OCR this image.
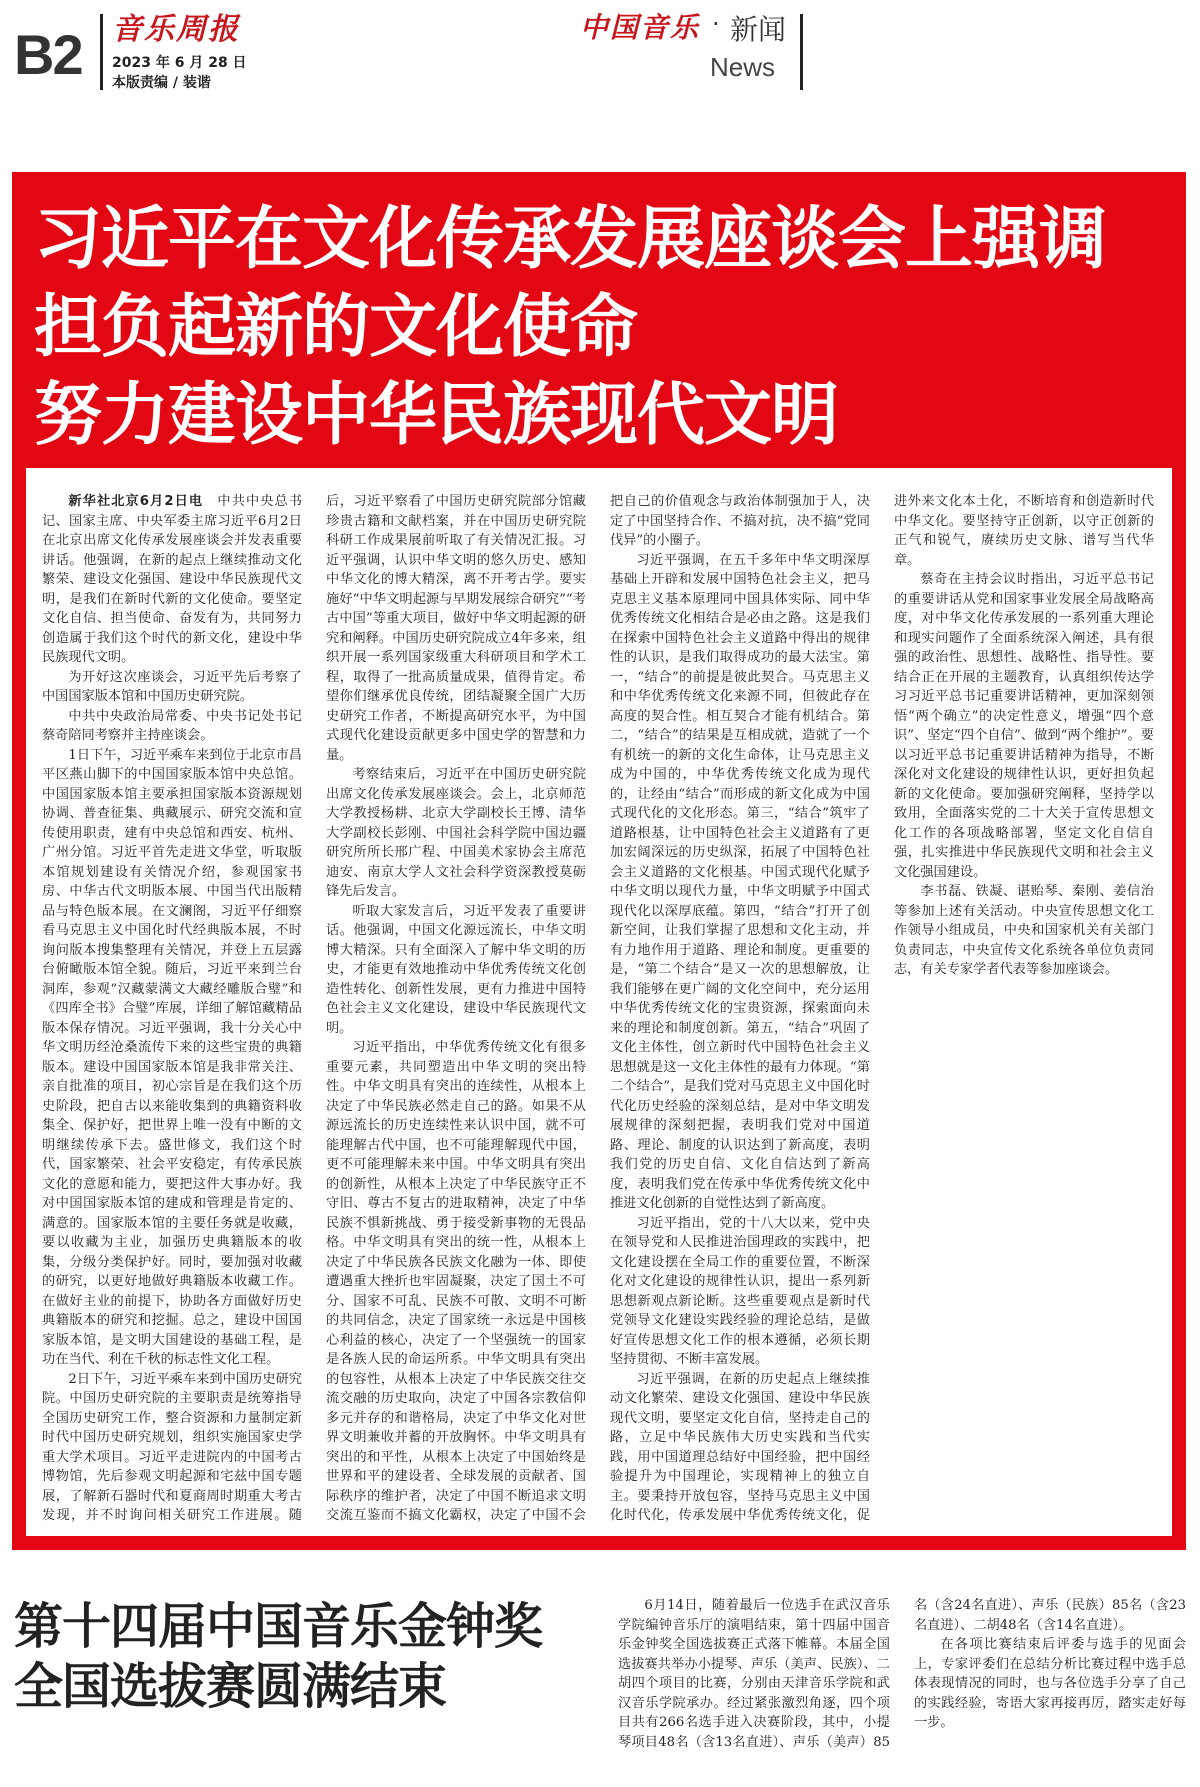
B2 音乐周报
2023 年 6 月 28 日
本版责编 / 装谐
中国音乐 · 新闻
News
习近平在文化传承发展座谈会上强调
担负起新的文化使命
努力建设中华民族现代文明

新华社北京6月2日电　 中共中央总书记、国家主席、中央军委主席习近平6月2日在北京出席文化传承发展座谈会并发表重要讲话。他强调，在新的起点上继续推动文化繁荣、建设文化强国、建设中华民族现代文明，是我们在新时代新的文化使命。要坚定文化自信、担当使命、奋发有为，共同努力创造属于我们这个时代的新文化，建设中华民族现代文明。

为开好这次座谈会，习近平先后考察了中国国家版本馆和中国历史研究院。

中共中央政治局常委、中央书记处书记蔡奇陪同考察并主持座谈会。

1日下午，习近平乘车来到位于北京市昌平区燕山脚下的中国国家版本馆中央总馆。中国国家版本馆主要承担国家版本资源规划协调、普查征集、典藏展示、研究交流和宣传使用职责，建有中央总馆和西安、杭州、广州分馆。习近平首先走进文华堂，听取版本馆规划建设有关情况介绍，参观国家书房、中华古代文明版本展、中国当代出版精品与特色版本展。在文澜阁，习近平仔细察看马克思主义中国化时代经典版本展，不时询问版本搜集整理有关情况，并登上五层露台俯瞰版本馆全貌。随后，习近平来到兰台洞库，参观“汉藏蒙满文大藏经雕版合璧”和《四库全书》合璧”库展，详细了解馆藏精品版本保存情况。习近平强调，我十分关心中华文明历经沧桑流传下来的这些宝贵的典籍版本。建设中国国家版本馆是我非常关注、亲自批准的项目，初心宗旨是在我们这个历史阶段，把自古以来能收集到的典籍资料收集全、保护好，把世界上唯一没有中断的文明继续传承下去。盛世修文，我们这个时代，国家繁荣、社会平安稳定，有传承民族文化的意愿和能力，要把这件大事办好。我对中国国家版本馆的建成和管理是肯定的、满意的。国家版本馆的主要任务就是收藏，要以收藏为主业，加强历史典籍版本的收集，分级分类保护好。同时，要加强对收藏的研究，以更好地做好典籍版本收藏工作。在做好主业的前提下，协助各方面做好历史典籍版本的研究和挖掘。总之，建设中国国家版本馆，是文明大国建设的基础工程，是功在当代、利在千秋的标志性文化工程。

2日下午，习近平乘车来到中国历史研究院。中国历史研究院的主要职责是统筹指导全国历史研究工作，整合资源和力量制定新时代中国历史研究规划，组织实施国家史学重大学术项目。习近平走进院内的中国考古博物馆，先后参观文明起源和宅兹中国专题展，了解新石器时代和夏商周时期重大考古发现，并不时询问相关研究工作进展。随后，习近平察看了中国历史研究院部分馆藏珍贵古籍和文献档案，并在中国历史研究院科研工作成果展前听取了有关情况汇报。习近平强调，认识中华文明的悠久历史、感知中华文化的博大精深，离不开考古学。要实施好“中华文明起源与早期发展综合研究”“考古中国”等重大项目，做好中华文明起源的研究和阐释。中国历史研究院成立4年多来，组织开展一系列国家级重大科研项目和学术工程，取得了一批高质量成果，值得肯定。希望你们继承优良传统，团结凝聚全国广大历史研究工作者，不断提高研究水平，为中国式现代化建设贡献更多中国史学的智慧和力量。

考察结束后，习近平在中国历史研究院出席文化传承发展座谈会。会上，北京师范大学教授杨耕、北京大学副校长王博、清华大学副校长彭刚、中国社会科学院中国边疆研究所所长邢广程、中国美术家协会主席范迪安、南京大学人文社会科学资深教授莫砺锋先后发言。

听取大家发言后，习近平发表了重要讲话。他强调，中国文化源远流长，中华文明博大精深。只有全面深入了解中华文明的历史，才能更有效地推动中华优秀传统文化创造性转化、创新性发展，更有力推进中国特色社会主义文化建设，建设中华民族现代文明。

习近平指出，中华优秀传统文化有很多重要元素，共同塑造出中华文明的突出特性。中华文明具有突出的连续性，从根本上决定了中华民族必然走自己的路。如果不从源远流长的历史连续性来认识中国，就不可能理解古代中国，也不可能理解现代中国，更不可能理解未来中国。中华文明具有突出的创新性，从根本上决定了中华民族守正不守旧、尊古不复古的进取精神，决定了中华民族不惧新挑战、勇于接受新事物的无畏品格。中华文明具有突出的统一性，从根本上决定了中华民族各民族文化融为一体、即使遭遇重大挫折也牢固凝聚，决定了国土不可分、国家不可乱、民族不可散、文明不可断的共同信念，决定了国家统一永远是中国核心利益的核心，决定了一个坚强统一的国家是各族人民的命运所系。中华文明具有突出的包容性，从根本上决定了中华民族交往交流交融的历史取向，决定了中国各宗教信仰多元并存的和谐格局，决定了中华文化对世界文明兼收并蓄的开放胸怀。中华文明具有突出的和平性，从根本上决定了中国始终是世界和平的建设者、全球发展的贡献者、国际秩序的维护者，决定了中国不断追求文明交流互鉴而不搞文化霸权，决定了中国不会把自己的价值观念与政治体制强加于人，决定了中国坚持合作、不搞对抗，决不搞“党同伐异”的小圈子。

习近平强调，在五千多年中华文明深厚基础上开辟和发展中国特色社会主义，把马克思主义基本原理同中国具体实际、同中华优秀传统文化相结合是必由之路。这是我们在探索中国特色社会主义道路中得出的规律性的认识，是我们取得成功的最大法宝。第一，“结合”的前提是彼此契合。马克思主义和中华优秀传统文化来源不同，但彼此存在高度的契合性。相互契合才能有机结合。第二，“结合”的结果是互相成就，造就了一个有机统一的新的文化生命体，让马克思主义成为中国的，中华优秀传统文化成为现代的，让经由“结合”而形成的新文化成为中国式现代化的文化形态。第三，“结合”筑牢了道路根基，让中国特色社会主义道路有了更加宏阔深远的历史纵深，拓展了中国特色社会主义道路的文化根基。中国式现代化赋予中华文明以现代力量，中华文明赋予中国式现代化以深厚底蕴。第四，“结合”打开了创新空间，让我们掌握了思想和文化主动，并有力地作用于道路、理论和制度。更重要的是，“第二个结合”是又一次的思想解放，让我们能够在更广阔的文化空间中，充分运用中华优秀传统文化的宝贵资源，探索面向未来的理论和制度创新。第五，“结合”巩固了文化主体性，创立新时代中国特色社会主义思想就是这一文化主体性的最有力体现。“第二个结合”，是我们党对马克思主义中国化时代化历史经验的深刻总结，是对中华文明发展规律的深刻把握，表明我们党对中国道路、理论、制度的认识达到了新高度，表明我们党的历史自信、文化自信达到了新高度，表明我们党在传承中华优秀传统文化中推进文化创新的自觉性达到了新高度。

习近平指出，党的十八大以来，党中央在领导党和人民推进治国理政的实践中，把文化建设摆在全局工作的重要位置，不断深化对文化建设的规律性认识，提出一系列新思想新观点新论断。这些重要观点是新时代党领导文化建设实践经验的理论总结，是做好宣传思想文化工作的根本遵循，必须长期坚持贯彻、不断丰富发展。

习近平强调，在新的历史起点上继续推动文化繁荣、建设文化强国、建设中华民族现代文明，要坚定文化自信，坚持走自己的路，立足中华民族伟大历史实践和当代实践，用中国道理总结好中国经验，把中国经验提升为中国理论，实现精神上的独立自主。要秉持开放包容，坚持马克思主义中国化时代化，传承发展中华优秀传统文化，促进外来文化本土化，不断培育和创造新时代中华文化。要坚持守正创新，以守正创新的正气和锐气，赓续历史文脉、谱写当代华章。

蔡奇在主持会议时指出，习近平总书记的重要讲话从党和国家事业发展全局战略高度，对中华文化传承发展的一系列重大理论和现实问题作了全面系统深入阐述，具有很强的政治性、思想性、战略性、指导性。要结合正在开展的主题教育，认真组织传达学习习近平总书记重要讲话精神，更加深刻领悟“两个确立”的决定性意义，增强“四个意识”、坚定“四个自信”、做到“两个维护”。要以习近平总书记重要讲话精神为指导，不断深化对文化建设的规律性认识，更好担负起新的文化使命。要加强研究阐释，坚持学以致用，全面落实党的二十大关于宣传思想文化工作的各项战略部署，坚定文化自信自强，扎实推进中华民族现代文明和社会主义文化强国建设。

李书磊、铁凝、谌贻琴、秦刚、姜信治等参加上述有关活动。中央宣传思想文化工作领导小组成员，中央和国家机关有关部门负责同志，中央宣传文化系统各单位负责同志，有关专家学者代表等参加座谈会。

第十四届中国音乐金钟奖
全国选拔赛圆满结束

6月14日，随着最后一位选手在武汉音乐学院编钟音乐厅的演唱结束，第十四届中国音乐金钟奖全国选拔赛正式落下帷幕。本届全国选拔赛共举办小提琴、声乐（美声、民族）、二胡四个项目的比赛，分别由天津音乐学院和武汉音乐学院承办。经过紧张激烈角逐，四个项目共有266名选手进入决赛阶段，其中，小提琴项目48名（含13名直进）、声乐（美声）85名（含24名直进）、声乐（民族）85名（含23名直进）、二胡48名（含14名直进）。

在各项比赛结束后评委与选手的见面会上，专家评委们在总结分析比赛过程中选手总体表现情况的同时，也与各位选手分享了自己的实践经验，寄语大家再接再厉，踏实走好每一步。
